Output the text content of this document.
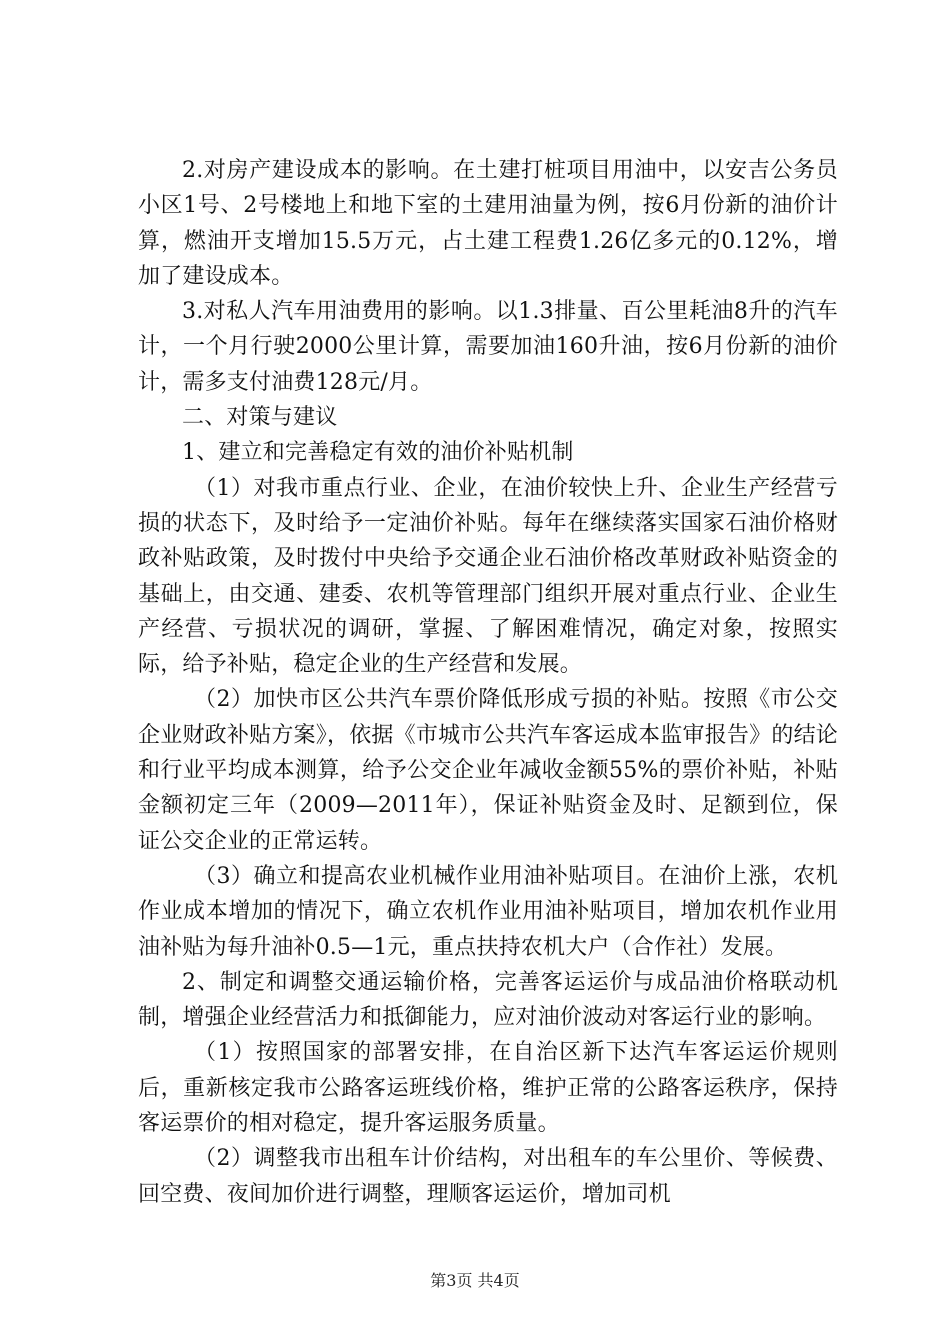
2.对房产建设成本的影响。在土建打桩项目用油中，以安吉公务员小区1号、2号楼地上和地下室的土建用油量为例，按6月份新的油价计算，燃油开支增加15.5万元，占土建工程费1.26亿多元的0.12%，增加了建设成本。

3.对私人汽车用油费用的影响。以1.3排量、百公里耗油8升的汽车计，一个月行驶2000公里计算，需要加油160升油，按6月份新的油价计，需多支付油费128元/月。

二、对策与建议

1、建立和完善稳定有效的油价补贴机制

（1）对我市重点行业、企业，在油价较快上升、企业生产经营亏损的状态下，及时给予一定油价补贴。每年在继续落实国家石油价格财政补贴政策，及时拨付中央给予交通企业石油价格改革财政补贴资金的基础上，由交通、建委、农机等管理部门组织开展对重点行业、企业生产经营、亏损状况的调研，掌握、了解困难情况，确定对象，按照实际，给予补贴，稳定企业的生产经营和发展。

（2）加快市区公共汽车票价降低形成亏损的补贴。按照《市公交企业财政补贴方案》，依据《市城市公共汽车客运成本监审报告》的结论和行业平均成本测算，给予公交企业年减收金额55%的票价补贴，补贴金额初定三年（2009—2011年），保证补贴资金及时、足额到位，保证公交企业的正常运转。

（3）确立和提高农业机械作业用油补贴项目。在油价上涨，农机作业成本增加的情况下，确立农机作业用油补贴项目，增加农机作业用油补贴为每升油补0.5—1元，重点扶持农机大户（合作社）发展。

2、制定和调整交通运输价格，完善客运运价与成品油价格联动机制，增强企业经营活力和抵御能力，应对油价波动对客运行业的影响。

（1）按照国家的部署安排，在自治区新下达汽车客运运价规则后，重新核定我市公路客运班线价格，维护正常的公路客运秩序，保持客运票价的相对稳定，提升客运服务质量。

（2）调整我市出租车计价结构，对出租车的车公里价、等候费、回空费、夜间加价进行调整，理顺客运运价，增加司机

第3页 共4页
